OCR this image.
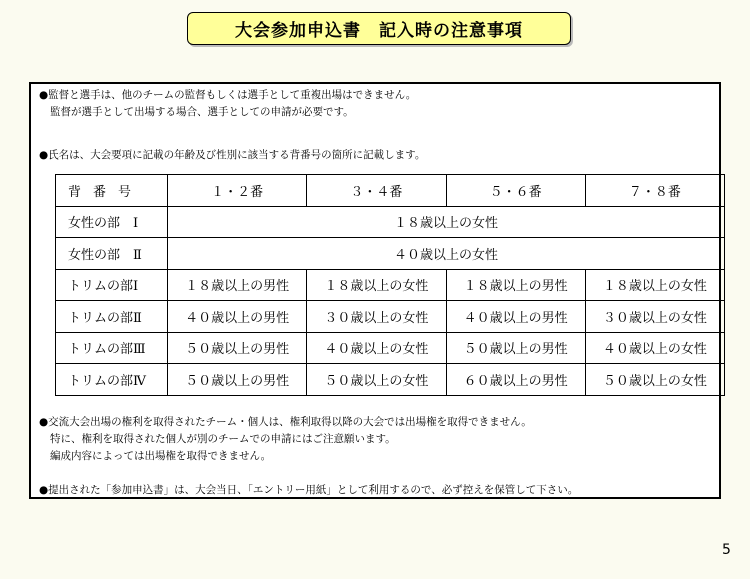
大会参加申込書　記入時の注意事項
●監督と選手は、他のチームの監督もしくは選手として重複出場はできません。
監督が選手として出場する場合、選手としての申請が必要です。
●氏名は、大会要項に記載の年齢及び性別に該当する背番号の箇所に記載します。
背番号	１・２番	３・４番	５・６番	７・８番
女性の部　Ⅰ	１８歳以上の女性			
女性の部　Ⅱ	４０歳以上の女性			
トリムの部Ⅰ	１８歳以上の男性	１８歳以上の女性	１８歳以上の男性	１８歳以上の女性
トリムの部Ⅱ	４０歳以上の男性	３０歳以上の女性	４０歳以上の男性	３０歳以上の女性
トリムの部Ⅲ	５０歳以上の男性	４０歳以上の女性	５０歳以上の男性	４０歳以上の女性
トリムの部Ⅳ	５０歳以上の男性	５０歳以上の女性	６０歳以上の男性	５０歳以上の女性
●交流大会出場の権利を取得されたチーム・個人は、権利取得以降の大会では出場権を取得できません。
特に、権利を取得された個人が別のチームでの申請にはご注意願います。
編成内容によっては出場権を取得できません。
●提出された「参加申込書」は、大会当日、「エントリー用紙」として利用するので、必ず控えを保管して下さい。
5
